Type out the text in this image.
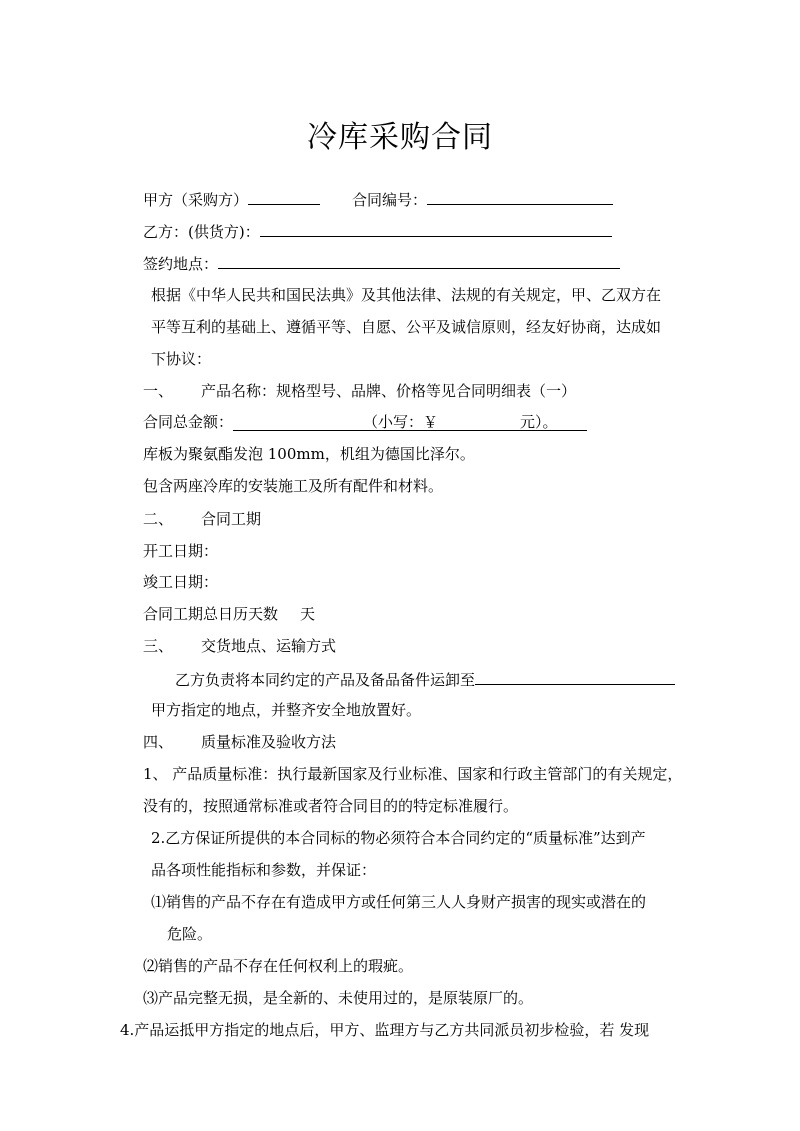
冷库采购合同
甲方（采购方）	合同编号：
乙方：(供货方)：
签约地点：
根据《中华人民共和国民法典》及其他法律、法规的有关规定，甲、乙双方在
平等互利的基础上、遵循平等、自愿、公平及诚信原则，经友好协商，达成如
下协议：
一、 产品名称：规格型号、品牌、价格等见合同明细表（一）
合同总金额：	（小写：￥	元）。
库板为聚氨酯发泡 100mm，机组为德国比泽尔。
包含两座冷库的安装施工及所有配件和材料。
二、 合同工期
开工日期：
竣工日期：
合同工期总日历天数 天
三、 交货地点、运输方式
乙方负责将本同约定的产品及备品备件运卸至
甲方指定的地点，并整齐安全地放置好。
四、 质量标准及验收方法
1、 产品质量标准：执行最新国家及行业标准、国家和行政主管部门的有关规定，
没有的，按照通常标准或者符合同目的的特定标准履行。
2.乙方保证所提供的本合同标的物必须符合本合同约定的“质量标准”达到产
品各项性能指标和参数，并保证：
⑴销售的产品不存在有造成甲方或任何第三人人身财产损害的现实或潜在的
危险。
⑵销售的产品不存在任何权利上的瑕疵。
⑶产品完整无损，是全新的、未使用过的，是原装原厂的。
4.产品运抵甲方指定的地点后，甲方、监理方与乙方共同派员初步检验，若 发现
